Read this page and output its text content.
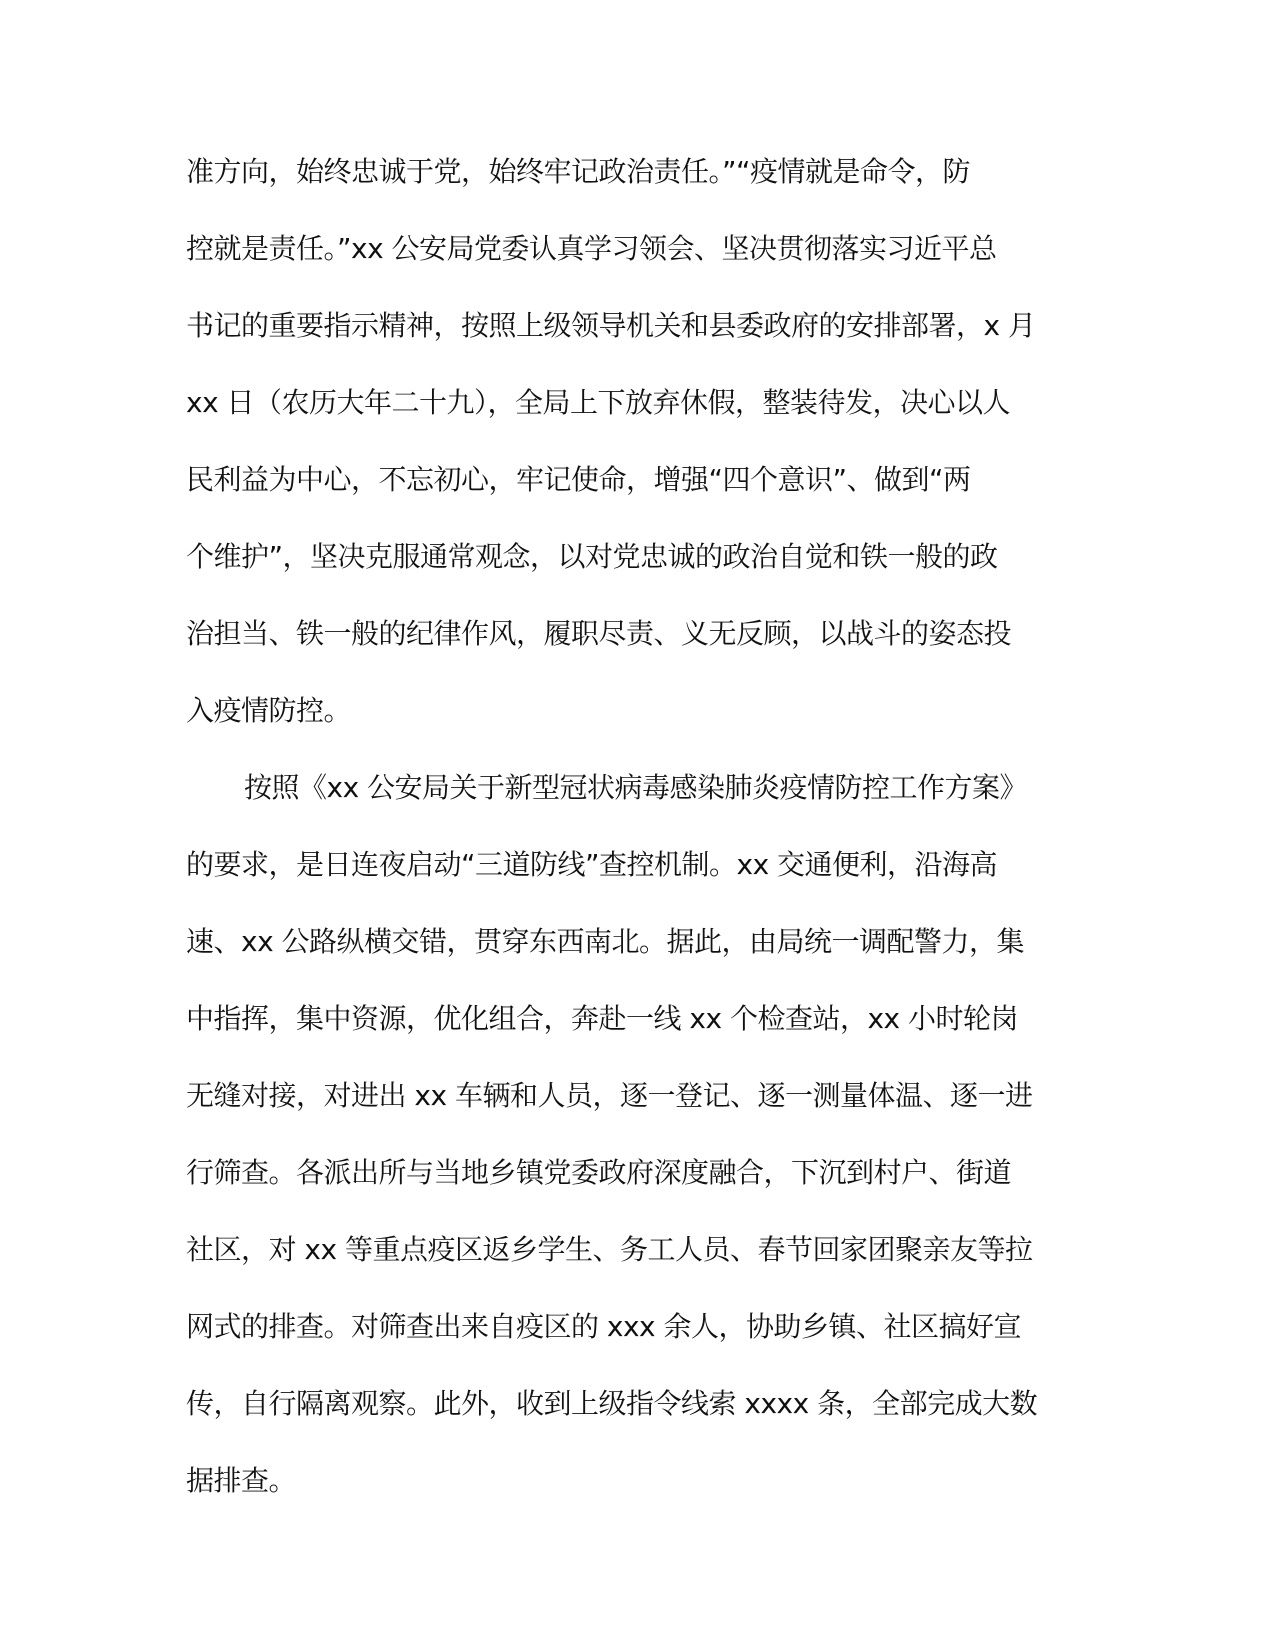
准方向，始终忠诚于党，始终牢记政治责任。”“疫情就是命令，防
控就是责任。”xx 公安局党委认真学习领会、坚决贯彻落实习近平总
书记的重要指示精神，按照上级领导机关和县委政府的安排部署，x 月
xx 日（农历大年二十九），全局上下放弃休假，整装待发，决心以人
民利益为中心，不忘初心，牢记使命，增强“四个意识”、做到“两
个维护”，坚决克服通常观念，以对党忠诚的政治自觉和铁一般的政
治担当、铁一般的纪律作风，履职尽责、义无反顾，以战斗的姿态投
入疫情防控。
按照《xx 公安局关于新型冠状病毒感染肺炎疫情防控工作方案》
的要求，是日连夜启动“三道防线”查控机制。xx 交通便利，沿海高
速、xx 公路纵横交错，贯穿东西南北。据此，由局统一调配警力，集
中指挥，集中资源，优化组合，奔赴一线 xx 个检查站，xx 小时轮岗
无缝对接，对进出 xx 车辆和人员，逐一登记、逐一测量体温、逐一进
行筛查。各派出所与当地乡镇党委政府深度融合，下沉到村户、街道
社区，对 xx 等重点疫区返乡学生、务工人员、春节回家团聚亲友等拉
网式的排查。对筛查出来自疫区的 xxx 余人，协助乡镇、社区搞好宣
传，自行隔离观察。此外，收到上级指令线索 xxxx 条，全部完成大数
据排查。
